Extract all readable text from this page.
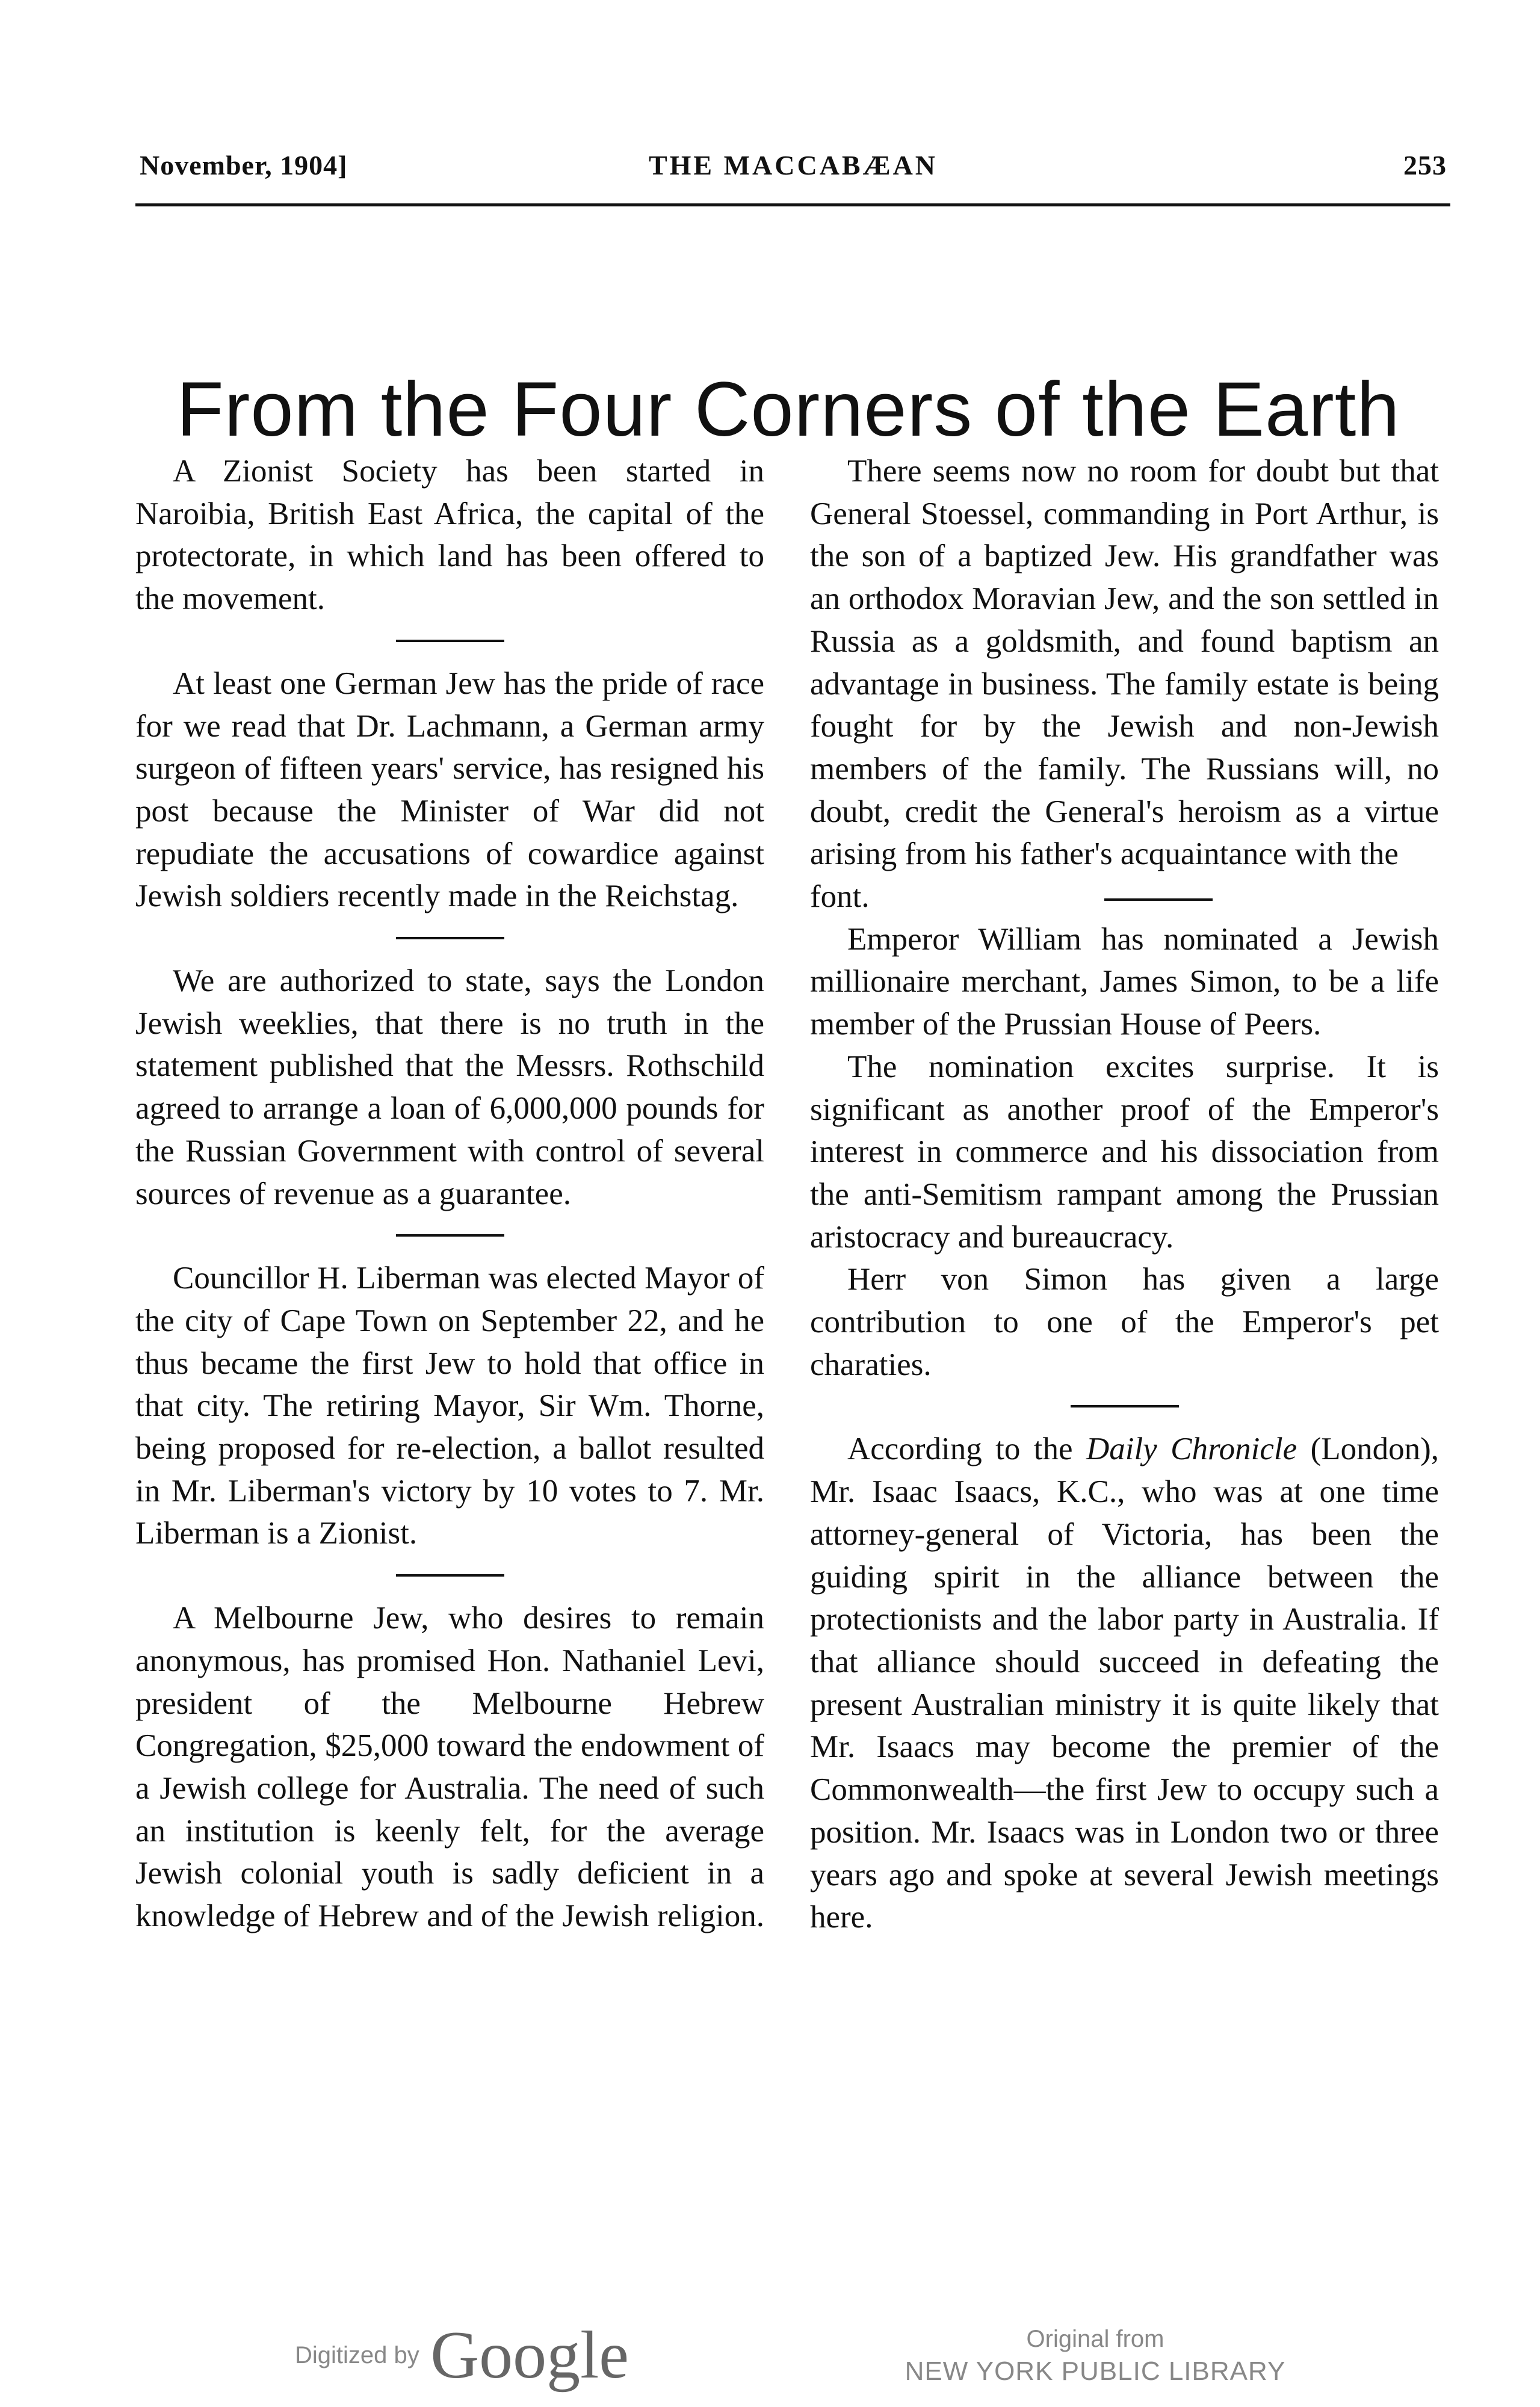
November, 1904]	THE MACCABÆAN	253
From the Four Corners of the Earth

A Zionist Society has been started in Naroibia, British East Africa, the capital of the protectorate, in which land has been offered to the movement.

At least one German Jew has the pride of race for we read that Dr. Lachmann, a German army surgeon of fifteen years' service, has resigned his post because the Minister of War did not repudiate the accusations of cowardice against Jewish soldiers recently made in the Reichstag.

We are authorized to state, says the London Jewish weeklies, that there is no truth in the statement published that the Messrs. Rothschild agreed to arrange a loan of 6,000,000 pounds for the Russian Government with control of several sources of revenue as a guarantee.

Councillor H. Liberman was elected Mayor of the city of Cape Town on September 22, and he thus became the first Jew to hold that office in that city. The retiring Mayor, Sir Wm. Thorne, being proposed for re-election, a ballot resulted in Mr. Liberman's victory by 10 votes to 7. Mr. Liberman is a Zionist.

A Melbourne Jew, who desires to remain anonymous, has promised Hon. Nathaniel Levi, president of the Melbourne Hebrew Congregation, $25,000 toward the endowment of a Jewish college for Australia. The need of such an institution is keenly felt, for the average Jewish colonial youth is sadly deficient in a knowledge of Hebrew and of the Jewish religion.

There seems now no room for doubt but that General Stoessel, commanding in Port Arthur, is the son of a baptized Jew. His grandfather was an orthodox Moravian Jew, and the son settled in Russia as a goldsmith, and found baptism an advantage in business. The family estate is being fought for by the Jewish and non-Jewish members of the family. The Russians will, no doubt, credit the General's heroism as a virtue arising from his father's acquaintance with the

font.

Emperor William has nominated a Jewish millionaire merchant, James Simon, to be a life member of the Prussian House of Peers.

The nomination excites surprise. It is significant as another proof of the Emperor's interest in commerce and his dissociation from the anti-Semitism rampant among the Prussian aristocracy and bureaucracy.

Herr von Simon has given a large contribution to one of the Emperor's pet charaties.

According to the Daily Chronicle (London), Mr. Isaac Isaacs, K.C., who was at one time attorney-general of Victoria, has been the guiding spirit in the alliance between the protectionists and the labor party in Australia. If that alliance should succeed in defeating the present Australian ministry it is quite likely that Mr. Isaacs may become the premier of the Commonwealth—the first Jew to occupy such a position. Mr. Isaacs was in London two or three years ago and spoke at several Jewish meetings here.

Digitized by Google	Original from
NEW YORK PUBLIC LIBRARY
